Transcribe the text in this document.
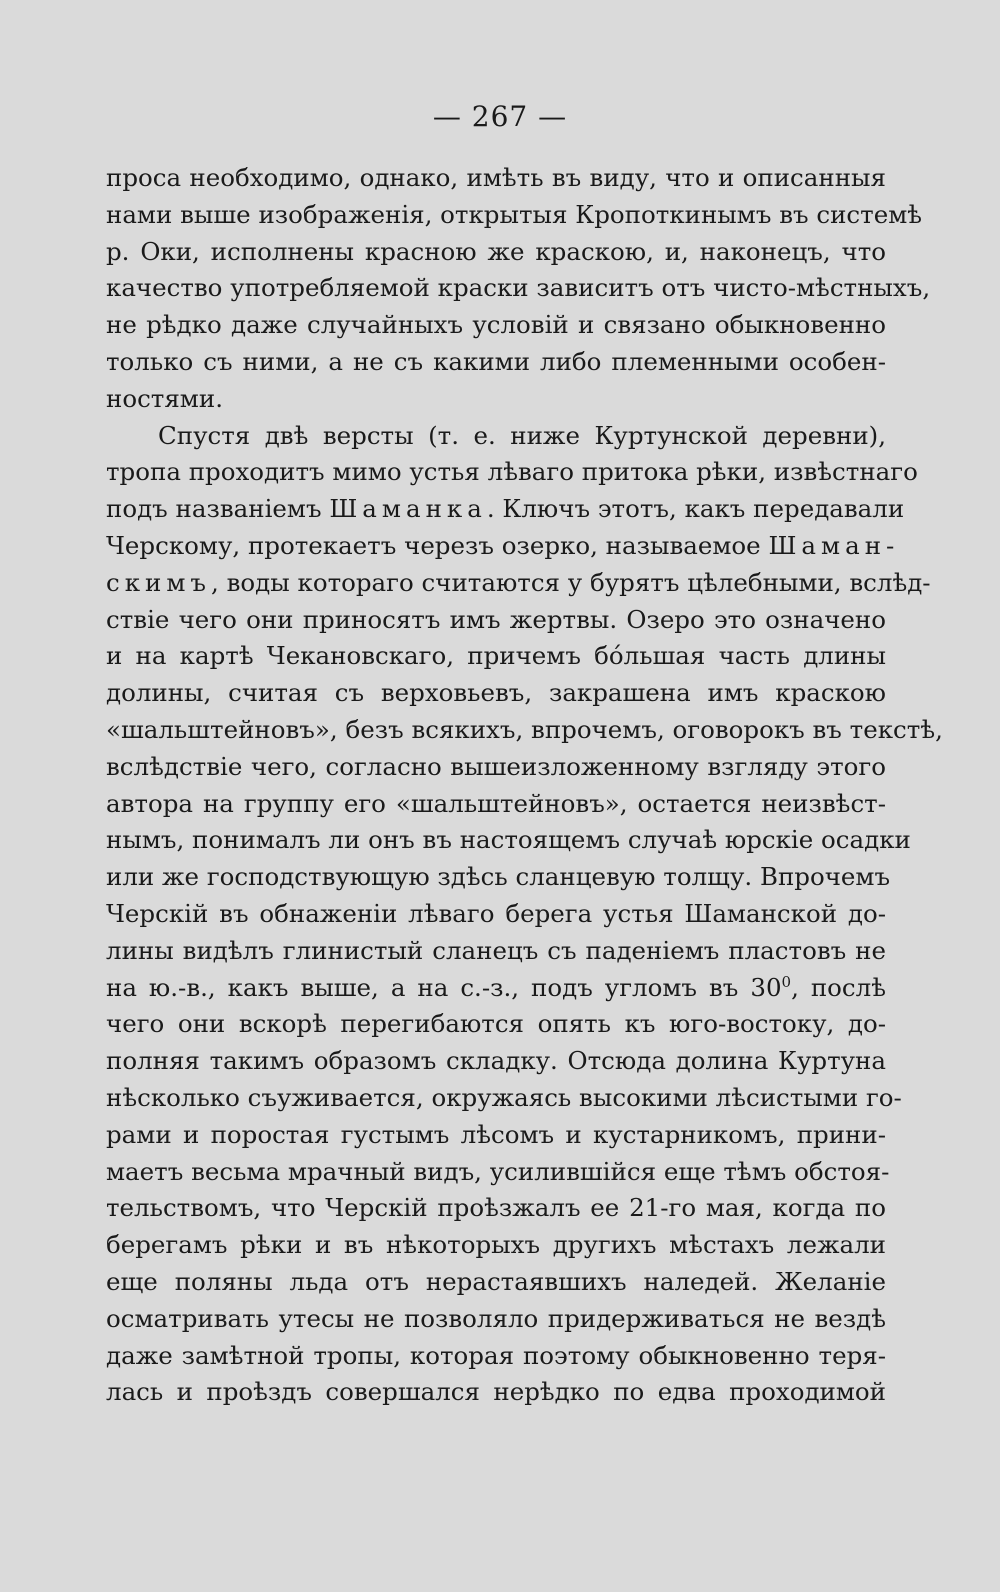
— 267 —
проса необходимо, однако, имѣть въ виду, что и описанныя
нами выше изображенія, открытыя Кропоткинымъ въ системѣ
р. Оки, исполнены красною же краскою, и, наконецъ, что
качество употребляемой краски зависитъ отъ чисто-мѣстныхъ,
не рѣдко даже случайныхъ условій и связано обыкновенно
только съ ними, а не съ какими либо племенными особен-
ностями.
Спустя двѣ версты (т. е. ниже Куртунской деревни),
тропа проходитъ мимо устья лѣваго притока рѣки, извѣстнаго
подъ названіемъ Шаманка. Ключъ этотъ, какъ передавали
Черскому, протекаетъ черезъ озерко, называемое Шаман-
скимъ, воды котораго считаются у бурятъ цѣлебными, вслѣд-
ствіе чего они приносятъ имъ жертвы. Озеро это означено
и на картѣ Чекановскаго, причемъ бóльшая часть длины
долины, считая съ верховьевъ, закрашена имъ краскою
«шальштейновъ», безъ всякихъ, впрочемъ, оговорокъ въ текстѣ,
вслѣдствіе чего, согласно вышеизложенному взгляду этого
автора на группу его «шальштейновъ», остается неизвѣст-
нымъ, понималъ ли онъ въ настоящемъ случаѣ юрскіе осадки
или же господствующую здѣсь сланцевую толщу. Впрочемъ
Черскій въ обнаженіи лѣваго берега устья Шаманской до-
лины видѣлъ глинистый сланецъ съ паденіемъ пластовъ не
на ю.-в., какъ выше, а на с.-з., подъ угломъ въ $30^0$, послѣ
чего они вскорѣ перегибаются опять къ юго-востоку, до-
полняя такимъ образомъ складку. Отсюда долина Куртуна
нѣсколько съуживается, окружаясь высокими лѣсистыми го-
рами и поростая густымъ лѣсомъ и кустарникомъ, прини-
маетъ весьма мрачный видъ, усилившійся еще тѣмъ обстоя-
тельствомъ, что Черскій проѣзжалъ ее 21-го мая, когда по
берегамъ рѣки и въ нѣкоторыхъ другихъ мѣстахъ лежали
еще поляны льда отъ нерастаявшихъ наледей. Желаніе
осматривать утесы не позволяло придерживаться не вездѣ
даже замѣтной тропы, которая поэтому обыкновенно теря-
лась и проѣздъ совершался нерѣдко по едва проходимой
